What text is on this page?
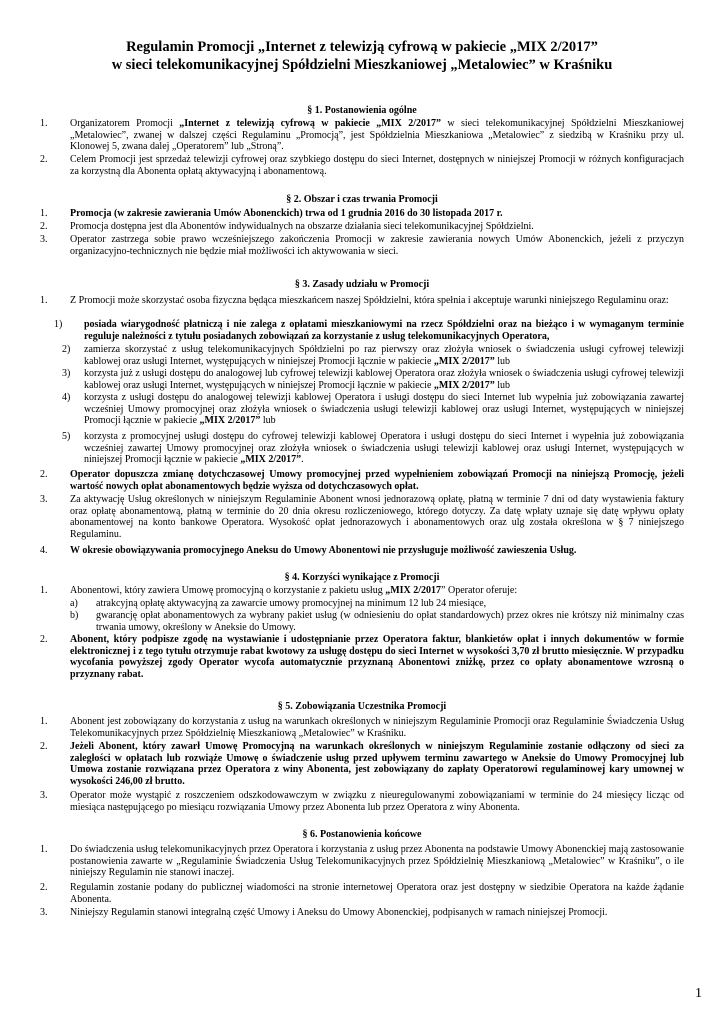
Regulamin Promocji „Internet z telewizją cyfrową w pakiecie „MIX 2/2017”
w sieci telekomunikacyjnej Spółdzielni Mieszkaniowej „Metalowiec” w Kraśniku
§ 1. Postanowienia ogólne
1. Organizatorem Promocji „Internet z telewizją cyfrową w pakiecie „MIX 2/2017” w sieci telekomunikacyjnej Spółdzielni Mieszkaniowej „Metalowiec”, zwanej w dalszej części Regulaminu „Promocją”, jest Spółdzielnia Mieszkaniowa „Metalowiec” z siedzibą w Kraśniku przy ul. Klonowej 5, zwana dalej „Operatorem” lub „Stroną”.
2. Celem Promocji jest sprzedaż telewizji cyfrowej oraz szybkiego dostępu do sieci Internet, dostępnych w niniejszej Promocji w różnych konfiguracjach za korzystną dla Abonenta opłatą aktywacyjną i abonamentową.
§ 2. Obszar i czas trwania Promocji
1. Promocja (w zakresie zawierania Umów Abonenckich) trwa od 1 grudnia 2016 do 30 listopada 2017 r.
2. Promocja dostępna jest dla Abonentów indywidualnych na obszarze działania sieci telekomunikacyjnej Spółdzielni.
3. Operator zastrzega sobie prawo wcześniejszego zakończenia Promocji w zakresie zawierania nowych Umów Abonenckich, jeżeli z przyczyn organizacyjno-technicznych nie będzie miał możliwości ich aktywowania w sieci.
§ 3. Zasady udziału w Promocji
1. Z Promocji może skorzystać osoba fizyczna będąca mieszkańcem naszej Spółdzielni, która spełnia i akceptuje warunki niniejszego Regulaminu oraz:
1) posiada wiarygodność płatniczą i nie zalega z opłatami mieszkaniowymi na rzecz Spółdzielni oraz na bieżąco i w wymaganym terminie reguluje należności z tytułu posiadanych zobowiązań za korzystanie z usług telekomunikacyjnych Operatora,
2) zamierza skorzystać z usług telekomunikacyjnych Spółdzielni po raz pierwszy oraz złożyła wniosek o świadczenia usługi cyfrowej telewizji kablowej oraz usługi Internet, występujących w niniejszej Promocji łącznie w pakiecie „MIX 2/2017” lub
3) korzysta już z usługi dostępu do analogowej lub cyfrowej telewizji kablowej Operatora oraz złożyła wniosek o świadczenia usługi cyfrowej telewizji kablowej oraz usługi Internet, występujących w niniejszej Promocji łącznie w pakiecie „MIX 2/2017” lub
4) korzysta z usługi dostępu do analogowej telewizji kablowej Operatora i usługi dostępu do sieci Internet lub wypełnia już zobowiązania zawartej wcześniej Umowy promocyjnej oraz złożyła wniosek o świadczenia usługi telewizji kablowej oraz usługi Internet, występujących w niniejszej Promocji łącznie w pakiecie „MIX 2/2017” lub
5) korzysta z promocyjnej usługi dostępu do cyfrowej telewizji kablowej Operatora i usługi dostępu do sieci Internet i wypełnia już zobowiązania wcześniej zawartej Umowy promocyjnej oraz złożyła wniosek o świadczenia usługi telewizji kablowej oraz usługi Internet, występujących w niniejszej Promocji łącznie w pakiecie „MIX 2/2017”.
2. Operator dopuszcza zmianę dotychczasowej Umowy promocyjnej przed wypełnieniem zobowiązań Promocji na niniejszą Promocję, jeżeli wartość nowych opłat abonamentowych będzie wyższa od dotychczasowych opłat.
3. Za aktywację Usług określonych w niniejszym Regulaminie Abonent wnosi jednorazową opłatę, płatną w terminie 7 dni od daty wystawienia faktury oraz opłatę abonamentową, płatną w terminie do 20 dnia okresu rozliczeniowego, którego dotyczy. Za datę wpłaty uznaje się datę wpływu opłaty abonamentowej na konto bankowe Operatora. Wysokość opłat jednorazowych i abonamentowych oraz ulg została określona w § 7 niniejszego Regulaminu.
4. W okresie obowiązywania promocyjnego Aneksu do Umowy Abonentowi nie przysługuje możliwość zawieszenia Usług.
§ 4. Korzyści wynikające z Promocji
1. Abonentowi, który zawiera Umowę promocyjną o korzystanie z pakietu usług „MIX 2/2017” Operator oferuje:
a) atrakcyjną opłatę aktywacyjną za zawarcie umowy promocyjnej na minimum 12 lub 24 miesiące,
b) gwarancję opłat abonamentowych za wybrany pakiet usług (w odniesieniu do opłat standardowych) przez okres nie krótszy niż minimalny czas trwania umowy, określony w Aneksie do Umowy.
2. Abonent, który podpisze zgodę na wystawianie i udostępnianie przez Operatora faktur, blankietów opłat i innych dokumentów w formie elektronicznej i z tego tytułu otrzymuje rabat kwotowy za usługę dostępu do sieci Internet w wysokości 3,70 zł brutto miesięcznie. W przypadku wycofania powyższej zgody Operator wycofa automatycznie przyznaną Abonentowi zniżkę, przez co opłaty abonamentowe wzrosną o przyznany rabat.
§ 5. Zobowiązania Uczestnika Promocji
1. Abonent jest zobowiązany do korzystania z usług na warunkach określonych w niniejszym Regulaminie Promocji oraz Regulaminie Świadczenia Usług Telekomunikacyjnych przez Spółdzielnię Mieszkaniową „Metalowiec” w Kraśniku.
2. Jeżeli Abonent, który zawarł Umowę Promocyjną na warunkach określonych w niniejszym Regulaminie zostanie odłączony od sieci za zaległości w opłatach lub rozwiąże Umowę o świadczenie usług przed upływem terminu zawartego w Aneksie do Umowy Promocyjnej lub Umowa zostanie rozwiązana przez Operatora z winy Abonenta, jest zobowiązany do zapłaty Operatorowi regulaminowej kary umownej w wysokości 246,00 zł brutto.
3. Operator może wystąpić z roszczeniem odszkodowawczym w związku z nieuregulowanymi zobowiązaniami w terminie do 24 miesięcy licząc od miesiąca następującego po miesiącu rozwiązania Umowy przez Abonenta lub przez Operatora z winy Abonenta.
§ 6. Postanowienia końcowe
1. Do świadczenia usług telekomunikacyjnych przez Operatora i korzystania z usług przez Abonenta na podstawie Umowy Abonenckiej mają zastosowanie postanowienia zawarte w „Regulaminie Świadczenia Usług Telekomunikacyjnych przez Spółdzielnię Mieszkaniową „Metalowiec” w Kraśniku”, o ile niniejszy Regulamin nie stanowi inaczej.
2. Regulamin zostanie podany do publicznej wiadomości na stronie internetowej Operatora oraz jest dostępny w siedzibie Operatora na każde żądanie Abonenta.
3. Niniejszy Regulamin stanowi integralną część Umowy i Aneksu do Umowy Abonenckiej, podpisanych w ramach niniejszej Promocji.
1
